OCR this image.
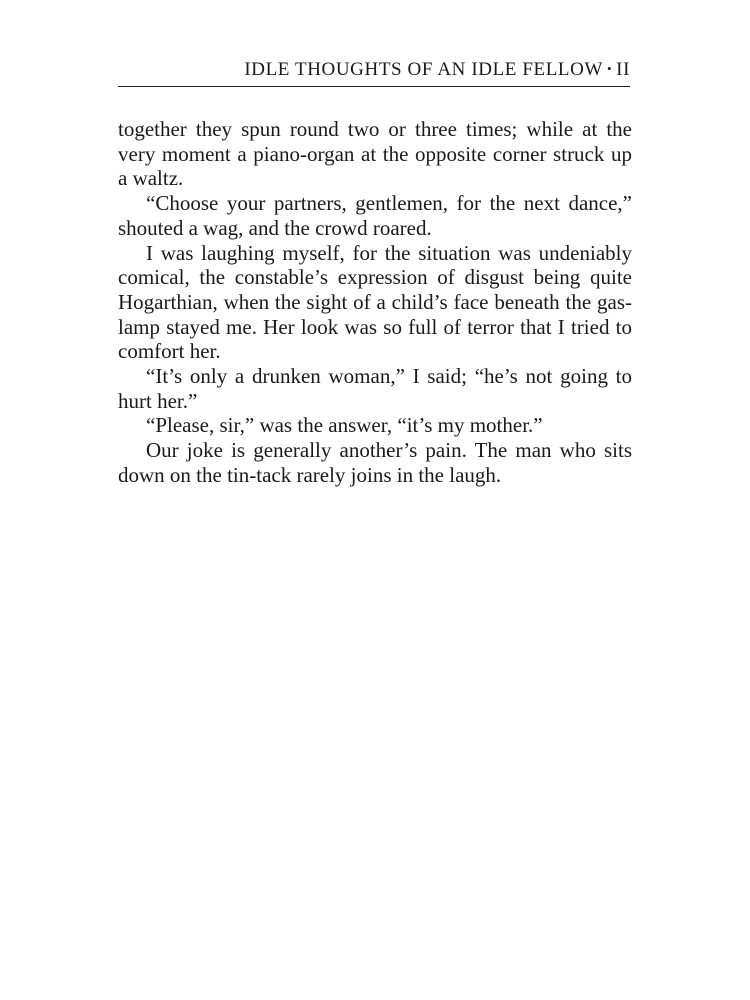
IDLE THOUGHTS OF AN IDLE FELLOW • II

together they spun round two or three times; while at the very moment a piano-organ at the opposite corner struck up a waltz.

“Choose your partners, gentlemen, for the next dance,” shouted a wag, and the crowd roared.

I was laughing myself, for the situation was undeniably comical, the constable’s expression of disgust being quite Hogarthian, when the sight of a child’s face beneath the gas-lamp stayed me. Her look was so full of terror that I tried to comfort her.

“It’s only a drunken woman,” I said; “he’s not going to hurt her.”

“Please, sir,” was the answer, “it’s my mother.”

Our joke is generally another’s pain. The man who sits down on the tin-tack rarely joins in the laugh.
